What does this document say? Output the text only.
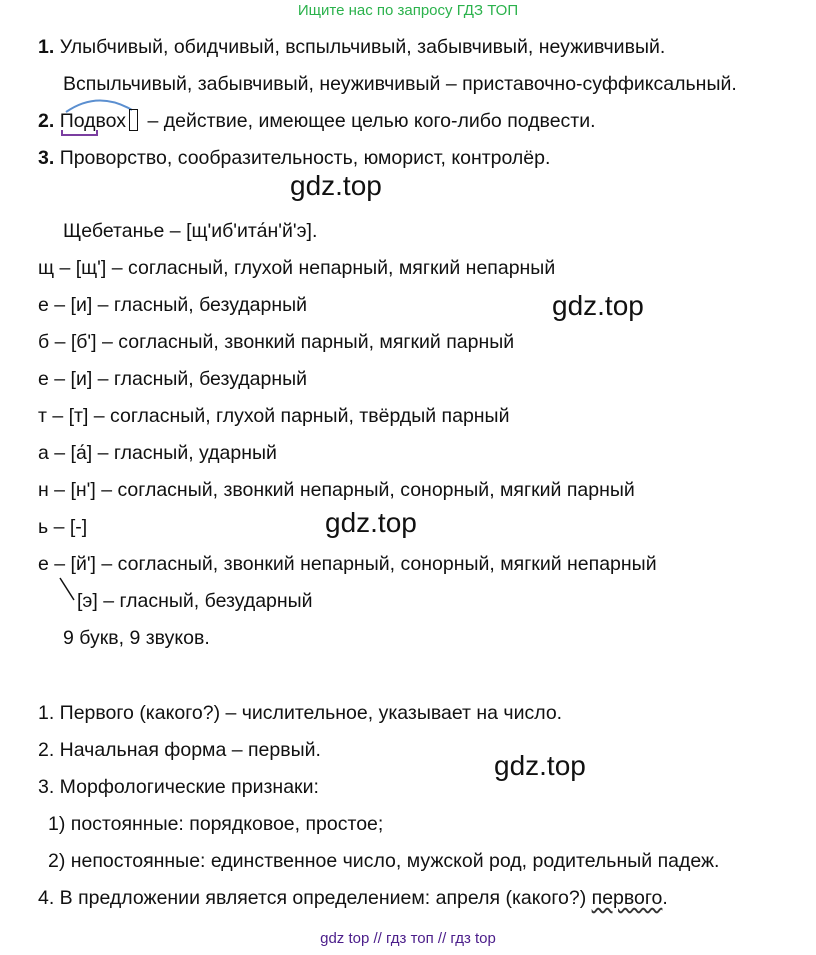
Ищите нас по запросу ГДЗ ТОП
1. Улыбчивый, обидчивый, вспыльчивый, забывчивый, неуживчивый.
Вспыльчивый, забывчивый, неуживчивый – приставочно-суффиксальный.
2. Подвох – действие, имеющее целью кого-либо подвести.
3. Проворство, сообразительность, юморист, контролёр.
gdz.top
Щебетанье – [щ'иб'ита́н'й'э].
щ – [щ'] – согласный, глухой непарный, мягкий непарный
е – [и] – гласный, безударный	gdz.top
б – [б'] – согласный, звонкий парный, мягкий парный
е – [и] – гласный, безударный
т – [т] – согласный, глухой парный, твёрдый парный
а – [а́] – гласный, ударный
н – [н'] – согласный, звонкий непарный, сонорный, мягкий парный
ь – [-]	gdz.top
е – [й'] – согласный, звонкий непарный, сонорный, мягкий непарный
[э] – гласный, безударный
9 букв, 9 звуков.
1. Первого (какого?) – числительное, указывает на число.
2. Начальная форма – первый.	gdz.top
3. Морфологические признаки:
1) постоянные: порядковое, простое;
2) непостоянные: единственное число, мужской род, родительный падеж.
4. В предложении является определением: апреля (какого?) первого.
gdz top // гдз топ // гдз top
